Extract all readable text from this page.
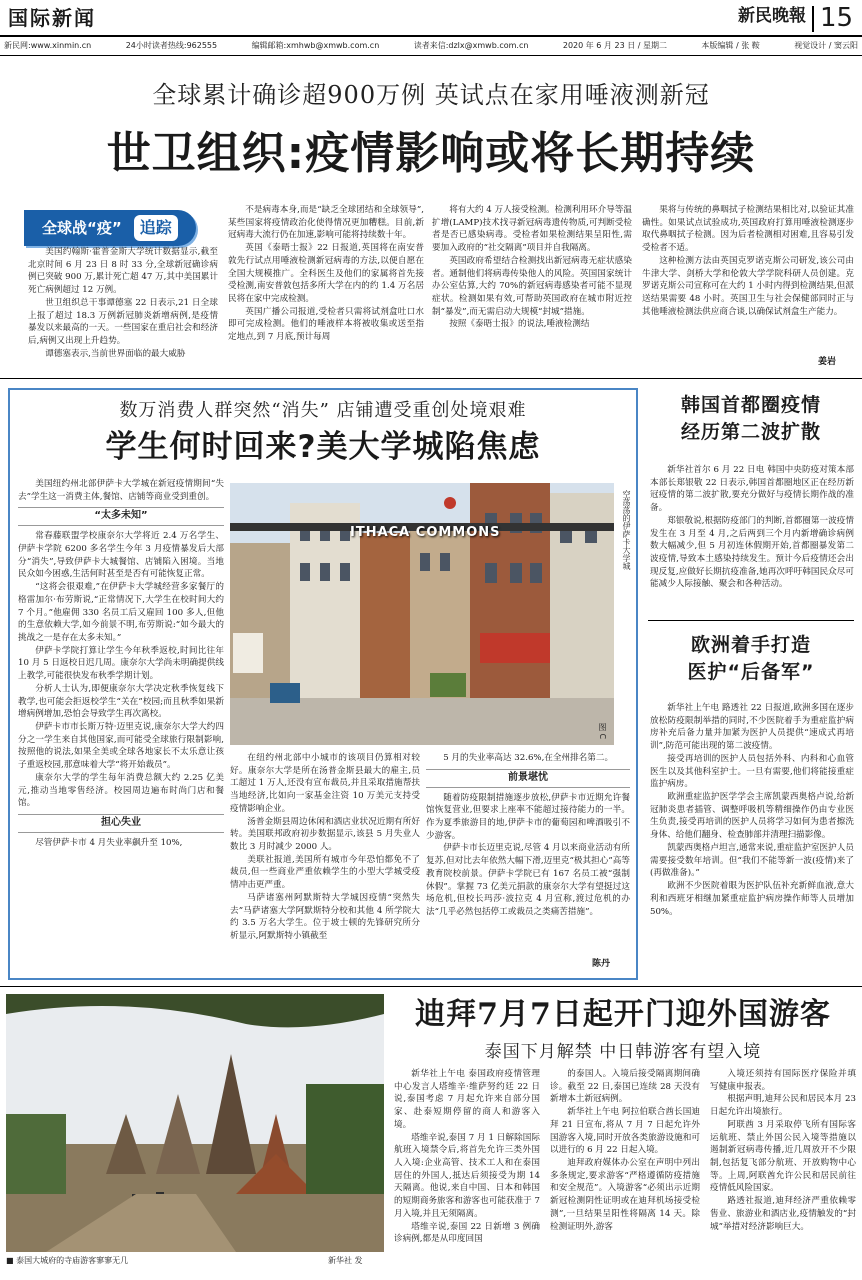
国际新闻	新民晚報 15
新民网:www.xinmin.cn	24小时读者热线:962555	编辑邮箱:xmhwb@xmwb.com.cn	读者来信:dzlx@xmwb.com.cn	2020 年 6 月 23 日 / 星期二	本版编辑 / 张 鞍	视觉设计 / 窦云阳
全球累计确诊超900万例 英试点在家用唾液测新冠
世卫组织:疫情影响或将长期持续
全球战“疫”	追踪

美国约翰斯·霍普金斯大学统计数据显示,截至北京时间 6 月 23 日 8 时 33 分,全球新冠确诊病例已突破 900 万,累计死亡超 47 万,其中美国累计死亡病例超过 12 万例。

世卫组织总干事谭德塞 22 日表示,21 日全球上报了超过 18.3 万例新冠肺炎新增病例,是疫情暴发以来最高的一天。一些国家在重启社会和经济后,病例又出现上升趋势。

谭德塞表示,当前世界面临的最大威胁

不是病毒本身,而是“缺乏全球团结和全球领导”,某些国家将疫情政治化使得情况更加糟糕。目前,新冠病毒大流行仍在加速,影响可能将持续数十年。

英国《泰晤士报》22 日报道,英国将在南安普敦先行试点用唾液检测新冠病毒的方法,以便自愿在全国大规模推广。全科医生及他们的家属将首先接受检测,南安普敦包括多所大学在内的约 1.4 万名居民将在家中完成检测。

英国广播公司报道,受检者只需将试剂盒吐口水即可完成检测。他们的唾液样本将被收集或送至指定地点,到 7 月底,预计每周

将有大约 4 万人接受检测。检测利用环介导等温扩增(LAMP)技术找寻新冠病毒遗传物质,可判断受检者是否已感染病毒。受检者如果检测结果呈阳性,需要加入政府的“社交隔离”项目并自我隔离。

英国政府希望结合检测找出新冠病毒无症状感染者。通制他们将病毒传染他人的风险。英国国家统计办公室估算,大约 70%的新冠病毒感染者可能不显现症状。检测如果有效,可帮助英国政府在城市附近控制“暴发”,而无需启动大规模“封城”措施。

按照《泰晤士报》的说法,唾液检测结

果将与传统的鼻咽拭子检测结果相比对,以验证其准确性。如果试点试验成功,英国政府打算用唾液检测逐步取代鼻咽拭子检测。因为后者检测相对困难,且容易引发受检者不适。

这种检测方法由英国克罗诺克斯公司研发,该公司由牛津大学、剑桥大学和伦敦大学学院科研人员创建。克罗诺克斯公司宣称可在大约 1 小时内得到检测结果,但派送结果需要 48 小时。英国卫生与社会保健部同时正与其他唾液检测法供应商合谈,以确保试剂盒生产能力。

姜岩
数万消费人群突然“消失” 店铺遭受重创处境艰难
学生何时回来?美大学城陷焦虑

美国纽约州北部伊萨卡大学城在新冠疫情期间“失去”学生这一消费主体,餐馆、店铺等商业受到重创。

“太多未知”

常春藤联盟学校康奈尔大学将近 2.4 万名学生、伊萨卡学院 6200 多名学生今年 3 月疫情暴发后大部分“消失”,导致伊萨卡大城餐馆、店铺陷入困境。当地民众如今困惑,生活何时甚至是否有可能恢复正常。

“这将会很艰难,”在伊萨卡大学城经营多家餐厅的格雷加尔·布劳斯说,“正常情况下,大学生在校时间大约 7 个月。”他雇佣 330 名员工后又雇回 100 多人,但他的生意依赖大学,如今前景不明,布劳斯说:“如今最大的挑战之一是存在太多未知。”

伊萨卡学院打算让学生今年秋季返校,时间比往年 10 月 5 日返校日迟几周。康奈尔大学尚未明确提供线上教学,可能很快发布秋季学期计划。

分析人士认为,即便康奈尔大学决定秋季恢复线下教学,也可能会拒返校学生“关在”校园;而且秋季如果新增病例增加,恐怕会导致学生再次离校。

伊萨卡市市长斯万特·迈里克说,康奈尔大学大约四分之一学生来自其他国家,而可能受全球旅行限制影响,按照他的说法,如果全美或全球各地家长不太乐意让孩子重返校园,那意味着大学“将开始裁员”。

康奈尔大学的学生每年消费总额大约 2.25 亿美元,推动当地零售经济。校园周边遍布时尚门店和餐馆。

担心失业

尽管伊萨卡市 4 月失业率飙升至 10%,

ITHACA COMMONS
图 C
空荡荡的伊萨卡大学城

在纽约州北部中小城市的该项目仍算相对较好。康奈尔大学是所在汤普金斯县最大的雇主,员工超过 1 万人,还没有宣布裁员,并且采取措施帮扶当地经济,比如向一家基金注资 10 万美元支持受疫情影响企业。

汤普金斯县周边休闲和酒店业状况近期有所好转。美国联邦政府初步数据显示,该县 5 月失业人数比 3 月时减少 2000 人。

美联社报道,美国所有城市今年恐怕都免不了裁员,但一些商业严重依赖学生的小型大学城受疫情冲击更严重。

马萨诸塞州阿默斯特大学城因疫情“突然失去”马萨诸塞大学阿默斯特分校和其他 4 所学院大约 3.5 万名大学生。位于坡士顿的先锋研究所分析显示,阿默斯特小镇截至

5 月的失业率高达 32.6%,在全州排名第二。

前景堪忧

随着防疫限制措施逐步放松,伊萨卡市近期允许餐馆恢复营业,但要求上座率不能超过接待能力的一半。作为夏季旅游目的地,伊萨卡市的葡萄园和啤酒吸引不少游客。

伊萨卡市长迈里克说,尽管 4 月以来商业活动有所复苏,但对比去年依然大幅下滑,迈里克“极其担心”高等教育院校前景。伊萨卡学院已有 167 名员工被“强制休假”。掌握 73 亿美元捐款的康奈尔大学有望挺过这场危机,但校长玛莎·波拉克 4 月宣称,渡过危机的办法“几乎必然包括停工或裁员之类痛苦措施”。

陈丹
韩国首都圈疫情
经历第二波扩散

新华社首尔 6 月 22 日电 韩国中央防疫对策本部本部长郑银敬 22 日表示,韩国首都圈地区正在经历新冠疫情的第二波扩散,要充分做好与疫情长期作战的准备。

郑银敬说,根据防疫部门的判断,首都圈第一波疫情发生在 3 月至 4 月,之后两到三个月内新增确诊病例数大幅减少,但 5 月初连休假期开始,首都圈暴发第二波疫情,导致本土感染持续发生。预计今后疫情还会出现反复,应做好长期抗疫准备,她再次呼吁韩国民众尽可能减少人际接触、聚会和各种活动。

欧洲着手打造
医护“后备军”

新华社上午电 路透社 22 日报道,欧洲多国在逐步放松防疫限制举措的同时,不少医院着手为重症监护病房补充后备力量并加紧为医护人员提供“速成式再培训”,防范可能出现的第二波疫情。

接受再培训的医护人员包括外科、内科和心血管医生以及其他科室护士。一旦有需要,他们将能接重症监护病房。

欧洲重症监护医学学会主席凯蒙西奥格卢说,给新冠肺炎患者插管、调整呼吸机等精细操作仍由专业医生负责,接受再培训的医护人员将学习如何为患者擦洗身体、给他们翻身、检查肺部并清理扫描影像。

凯蒙西奥格卢坦言,通常来说,重症监护室医护人员需要接受数年培训。但“我们不能等新一波(疫情)来了(再做准备)。”

欧洲不少医院着眼为医护队伍补充新鲜血液,意大利和西班牙相继加紧重症监护病房操作师等人员增加 50%。

■ 泰国大城府的寺庙游客寥寥无几	新华社 发
迪拜7月7日起开门迎外国游客
泰国下月解禁 中日韩游客有望入境

新华社上午电 泰国政府疫情管理中心发言人塔维辛·维萨努约廷 22 日说,泰国考虑 7 月起允许来自部分国家、赴泰短期停留的商人和游客入境。

塔维辛说,泰国 7 月 1 日解除国际航班入境禁令后,将首先允许三类外国人入境:企业高管、技术工人和在泰国居住的外国人,抵达后须接受为期 14 天隔离。他说,来自中国、日本和韩国的短期商务旅客和游客也可能获准于 7 月入境,并且无须隔离。

塔维辛说,泰国 22 日新增 3 例确诊病例,都是从印度回国

的泰国人。入境后接受隔离期间确诊。截至 22 日,泰国已连续 28 天没有新增本土新冠病例。

新华社上午电 阿拉伯联合酋长国迪拜 21 日宣布,将从 7 月 7 日起允许外国游客入境,同时开放各类旅游设施和可以进行的 6 月 22 日起入境。

迪拜政府媒体办公室在声明中列出多条规定,要求游客“严格遵循防疫措施和安全规范”。入境游客“必须出示近期新冠检测阴性证明或在迪拜机场接受检测”,一旦结果呈阳性将隔离 14 天。除检测证明外,游客

入境还须持有国际医疗保险并填写健康申报表。

根据声明,迪拜公民和居民本月 23 日起允许出境旅行。

阿联酋 3 月采取停飞所有国际客运航班、禁止外国公民入境等措施以遏制新冠病毒传播,近几周放开不少限制,包括复飞部分航班、开放购物中心等。上周,阿联酋允许公民和居民前往疫情低风险国家。

路透社报道,迪拜经济严重依赖零售业、旅游业和酒店业,疫情触发的“封城”举措对经济影响巨大。
